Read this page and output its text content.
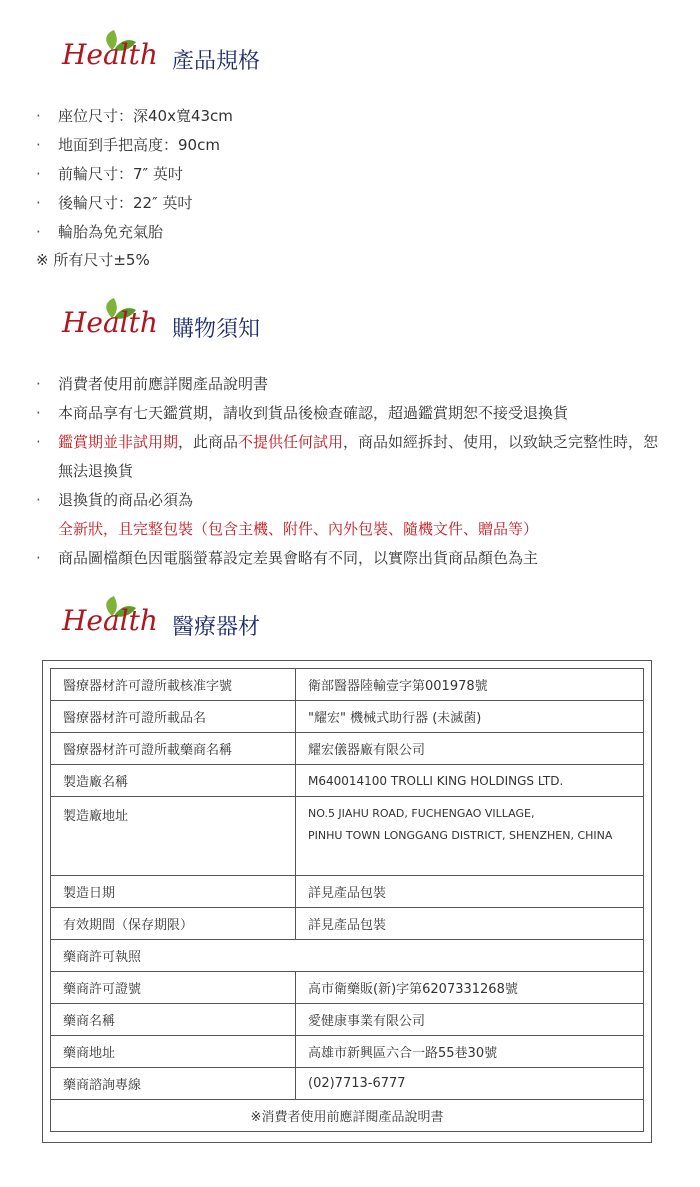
Health 產品規格
· 座位尺寸：深40x寬43cm
· 地面到手把高度：90cm
· 前輪尺寸：7″ 英吋
· 後輪尺寸：22″ 英吋
· 輪胎為免充氣胎
※ 所有尺寸±5%
Health 購物須知
· 消費者使用前應詳閱產品說明書
· 本商品享有七天鑑賞期，請收到貨品後檢查確認，超過鑑賞期恕不接受退換貨
· 鑑賞期並非試用期，此商品不提供任何試用，商品如經拆封、使用，以致缺乏完整性時，恕無法退換貨
· 退換貨的商品必須為全新狀，且完整包裝（包含主機、附件、內外包裝、隨機文件、贈品等）
· 商品圖檔顏色因電腦螢幕設定差異會略有不同，以實際出貨商品顏色為主
Health 醫療器材
醫療器材許可證所載核准字號	衛部醫器陸輸壹字第001978號
醫療器材許可證所載品名	"耀宏" 機械式助行器 (未滅菌)
醫療器材許可證所載藥商名稱	耀宏儀器廠有限公司
製造廠名稱	M640014100 TROLLI KING HOLDINGS LTD.
製造廠地址	NO.5 JIAHU ROAD, FUCHENGAO VILLAGE,
PINHU TOWN LONGGANG DISTRICT, SHENZHEN, CHINA

製造日期	詳見產品包裝
有效期間（保存期限）	詳見產品包裝
藥商許可執照	
藥商許可證號	高市衛藥販(新)字第6207331268號
藥商名稱	愛健康事業有限公司
藥商地址	高雄市新興區六合一路55巷30號
藥商諮詢專線	(02)7713-6777
※消費者使用前應詳閱產品說明書	
